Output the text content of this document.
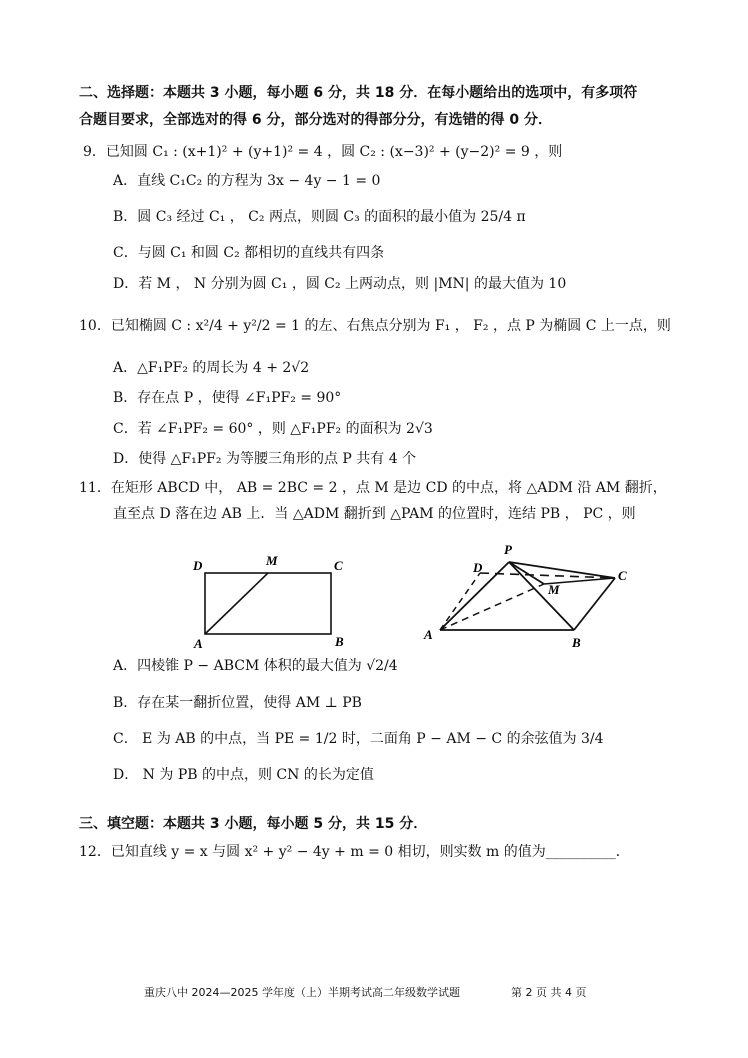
二、选择题：本题共 3 小题，每小题 6 分，共 18 分．在每小题给出的选项中，有多项符
合题目要求，全部选对的得 6 分，部分选对的得部分分，有选错的得 0 分．
9．已知圆 C₁ : (x+1)² + (y+1)² = 4 ，圆 C₂ : (x−3)² + (y−2)² = 9 ，则
A．直线 C₁C₂ 的方程为 3x − 4y − 1 = 0
B．圆 C₃ 经过 C₁ ， C₂ 两点，则圆 C₃ 的面积的最小值为 25/4 π
C．与圆 C₁ 和圆 C₂ 都相切的直线共有四条
D．若 M ， N 分别为圆 C₁ ，圆 C₂ 上两动点，则 |MN| 的最大值为 10
10．已知椭圆 C : x²/4 + y²/2 = 1 的左、右焦点分别为 F₁ ， F₂ ，点 P 为椭圆 C 上一点，则
A．△F₁PF₂ 的周长为 4 + 2√2
B．存在点 P ，使得 ∠F₁PF₂ = 90°
C．若 ∠F₁PF₂ = 60° ，则 △F₁PF₂ 的面积为 2√3
D．使得 △F₁PF₂ 为等腰三角形的点 P 共有 4 个
11．在矩形 ABCD 中， AB = 2BC = 2 ，点 M 是边 CD 的中点，将 △ADM 沿 AM 翻折，
直至点 D 落在边 AB 上．当 △ADM 翻折到 △PAM 的位置时，连结 PB ， PC ，则
D	M	C
A	B
P
D
C
M
A
B
A．四棱锥 P − ABCM 体积的最大值为 √2/4
B．存在某一翻折位置，使得 AM ⊥ PB
C． E 为 AB 的中点，当 PE = 1/2 时，二面角 P − AM − C 的余弦值为 3/4
D． N 为 PB 的中点，则 CN 的长为定值
三、填空题：本题共 3 小题，每小题 5 分，共 15 分．
12．已知直线 y = x 与圆 x² + y² − 4y + m = 0 相切，则实数 m 的值为__________．
重庆八中 2024—2025 学年度（上）半期考试高二年级数学试题	第 2 页 共 4 页
